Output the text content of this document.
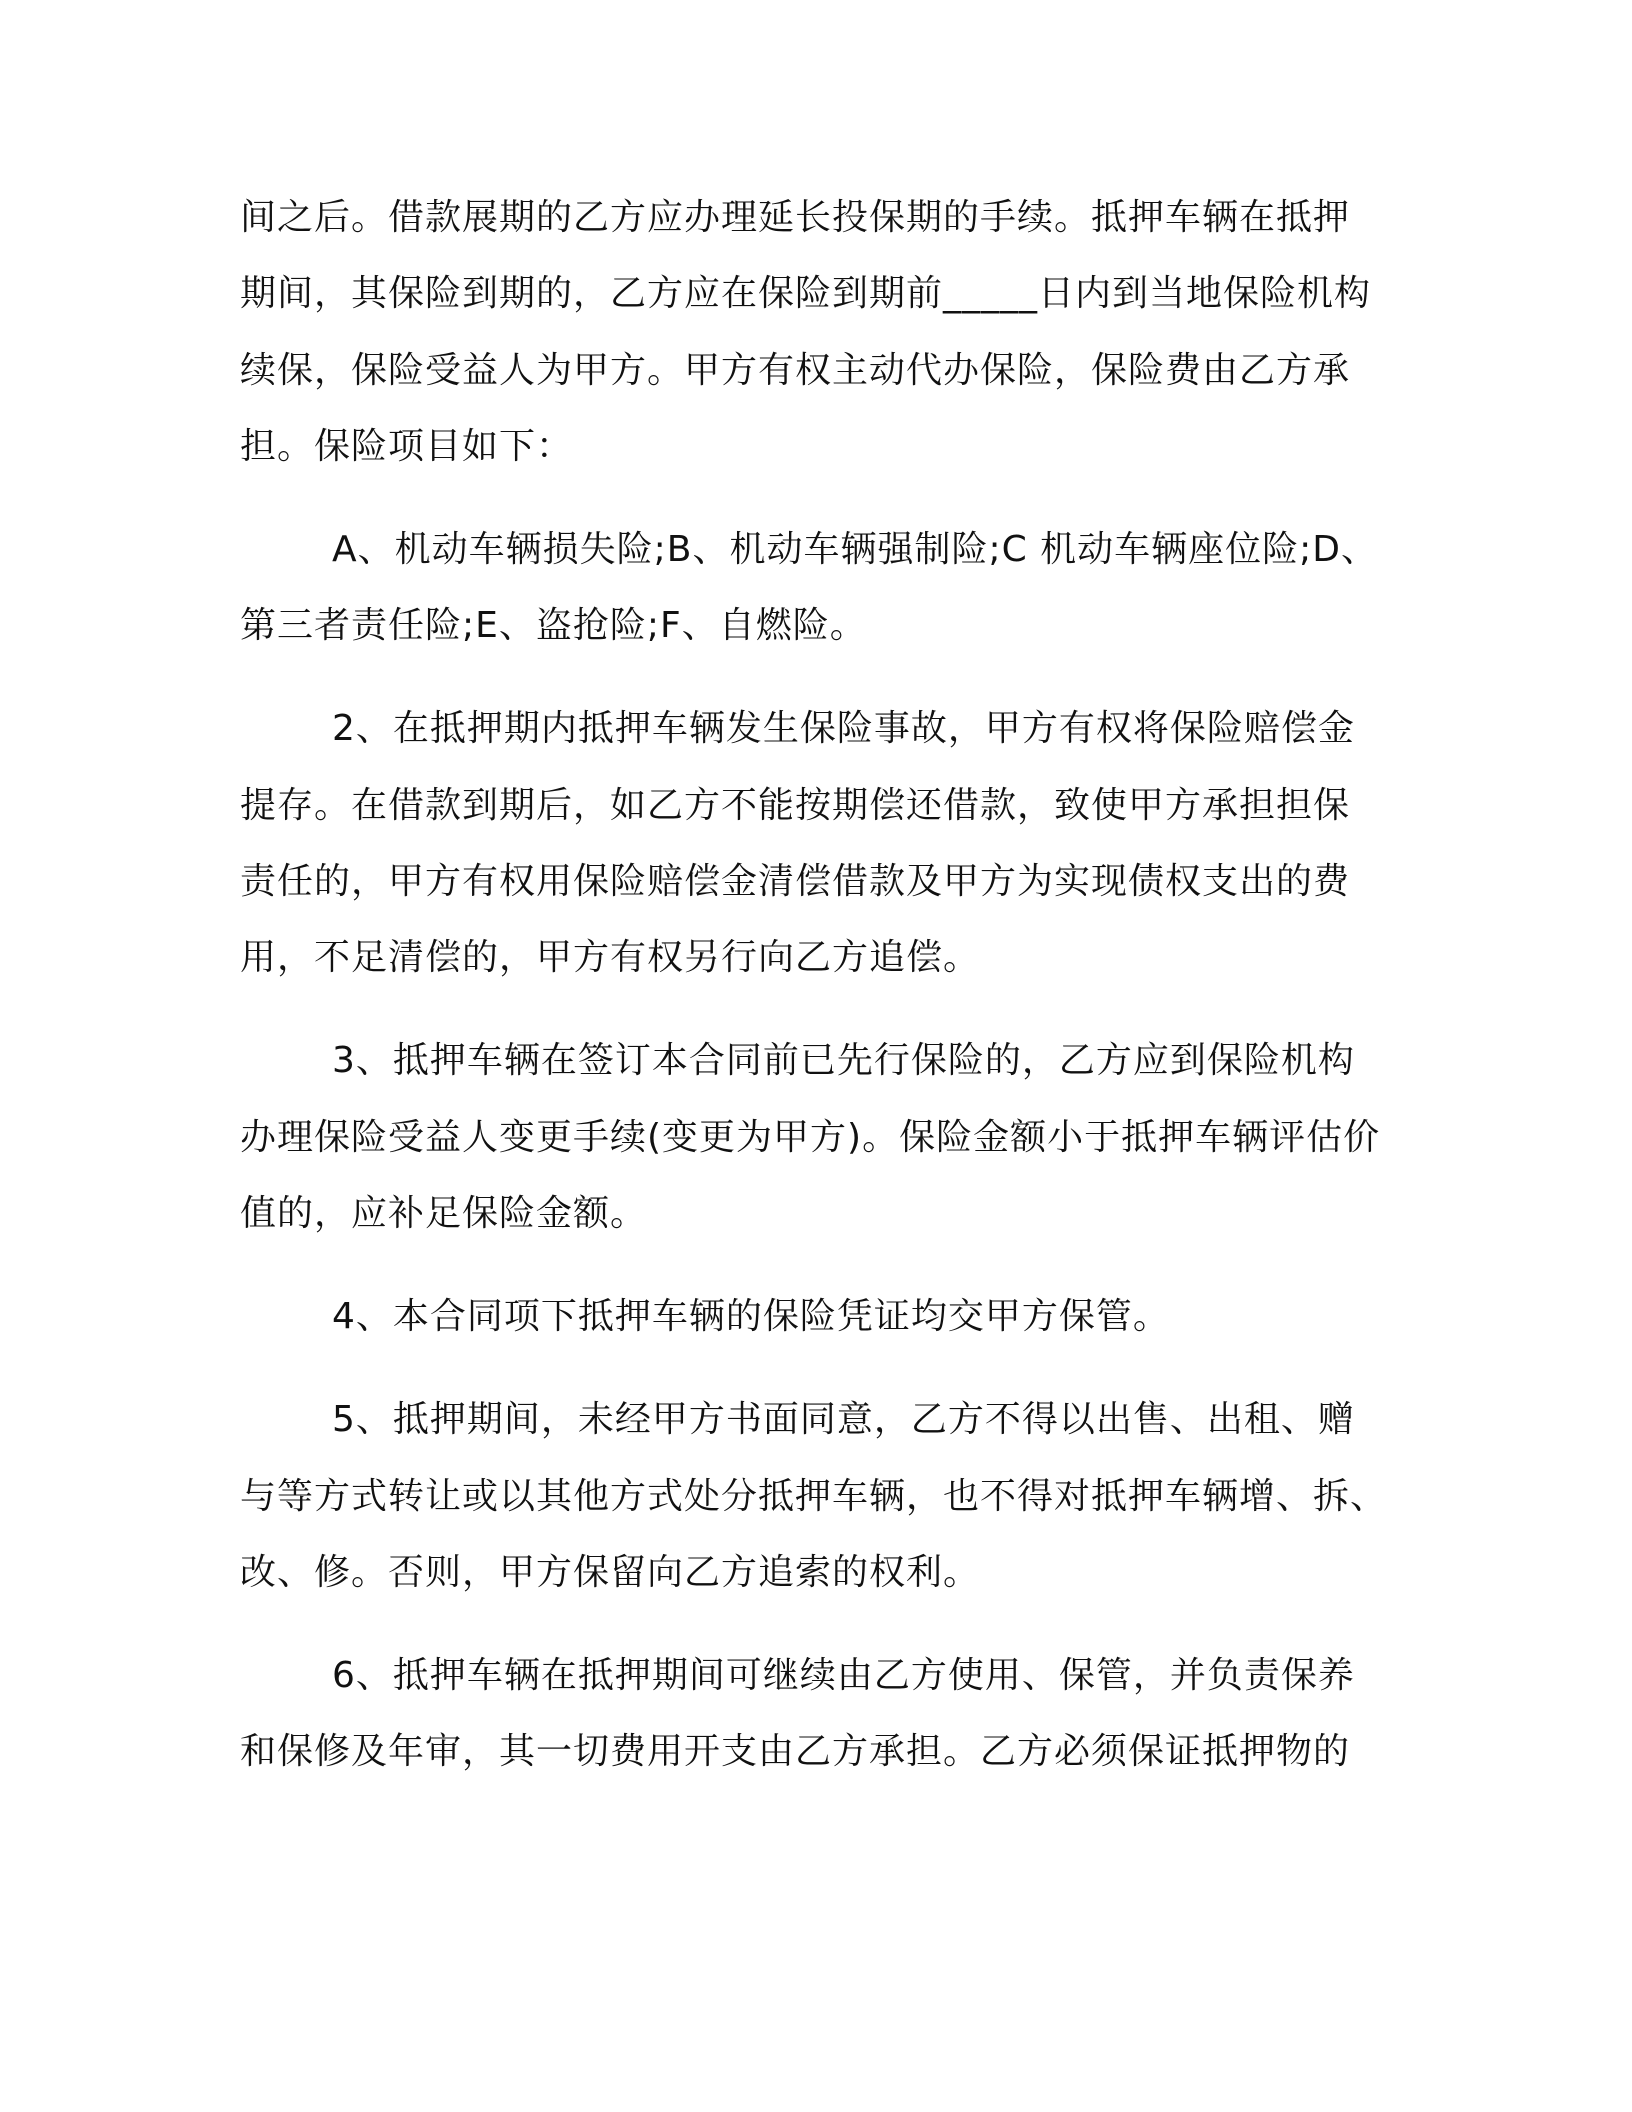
间之后。借款展期的乙方应办理延长投保期的手续。抵押车辆在抵押

期间，其保险到期的，乙方应在保险到期前_____日内到当地保险机构

续保，保险受益人为甲方。甲方有权主动代办保险，保险费由乙方承

担。保险项目如下：

A、机动车辆损失险;B、机动车辆强制险;C 机动车辆座位险;D、

第三者责任险;E、盗抢险;F、自燃险。

2、在抵押期内抵押车辆发生保险事故，甲方有权将保险赔偿金

提存。在借款到期后，如乙方不能按期偿还借款，致使甲方承担担保

责任的，甲方有权用保险赔偿金清偿借款及甲方为实现债权支出的费

用，不足清偿的，甲方有权另行向乙方追偿。

3、抵押车辆在签订本合同前已先行保险的，乙方应到保险机构

办理保险受益人变更手续(变更为甲方)。保险金额小于抵押车辆评估价

值的，应补足保险金额。

4、本合同项下抵押车辆的保险凭证均交甲方保管。

5、抵押期间，未经甲方书面同意，乙方不得以出售、出租、赠

与等方式转让或以其他方式处分抵押车辆，也不得对抵押车辆增、拆、

改、修。否则，甲方保留向乙方追索的权利。

6、抵押车辆在抵押期间可继续由乙方使用、保管，并负责保养

和保修及年审，其一切费用开支由乙方承担。乙方必须保证抵押物的
